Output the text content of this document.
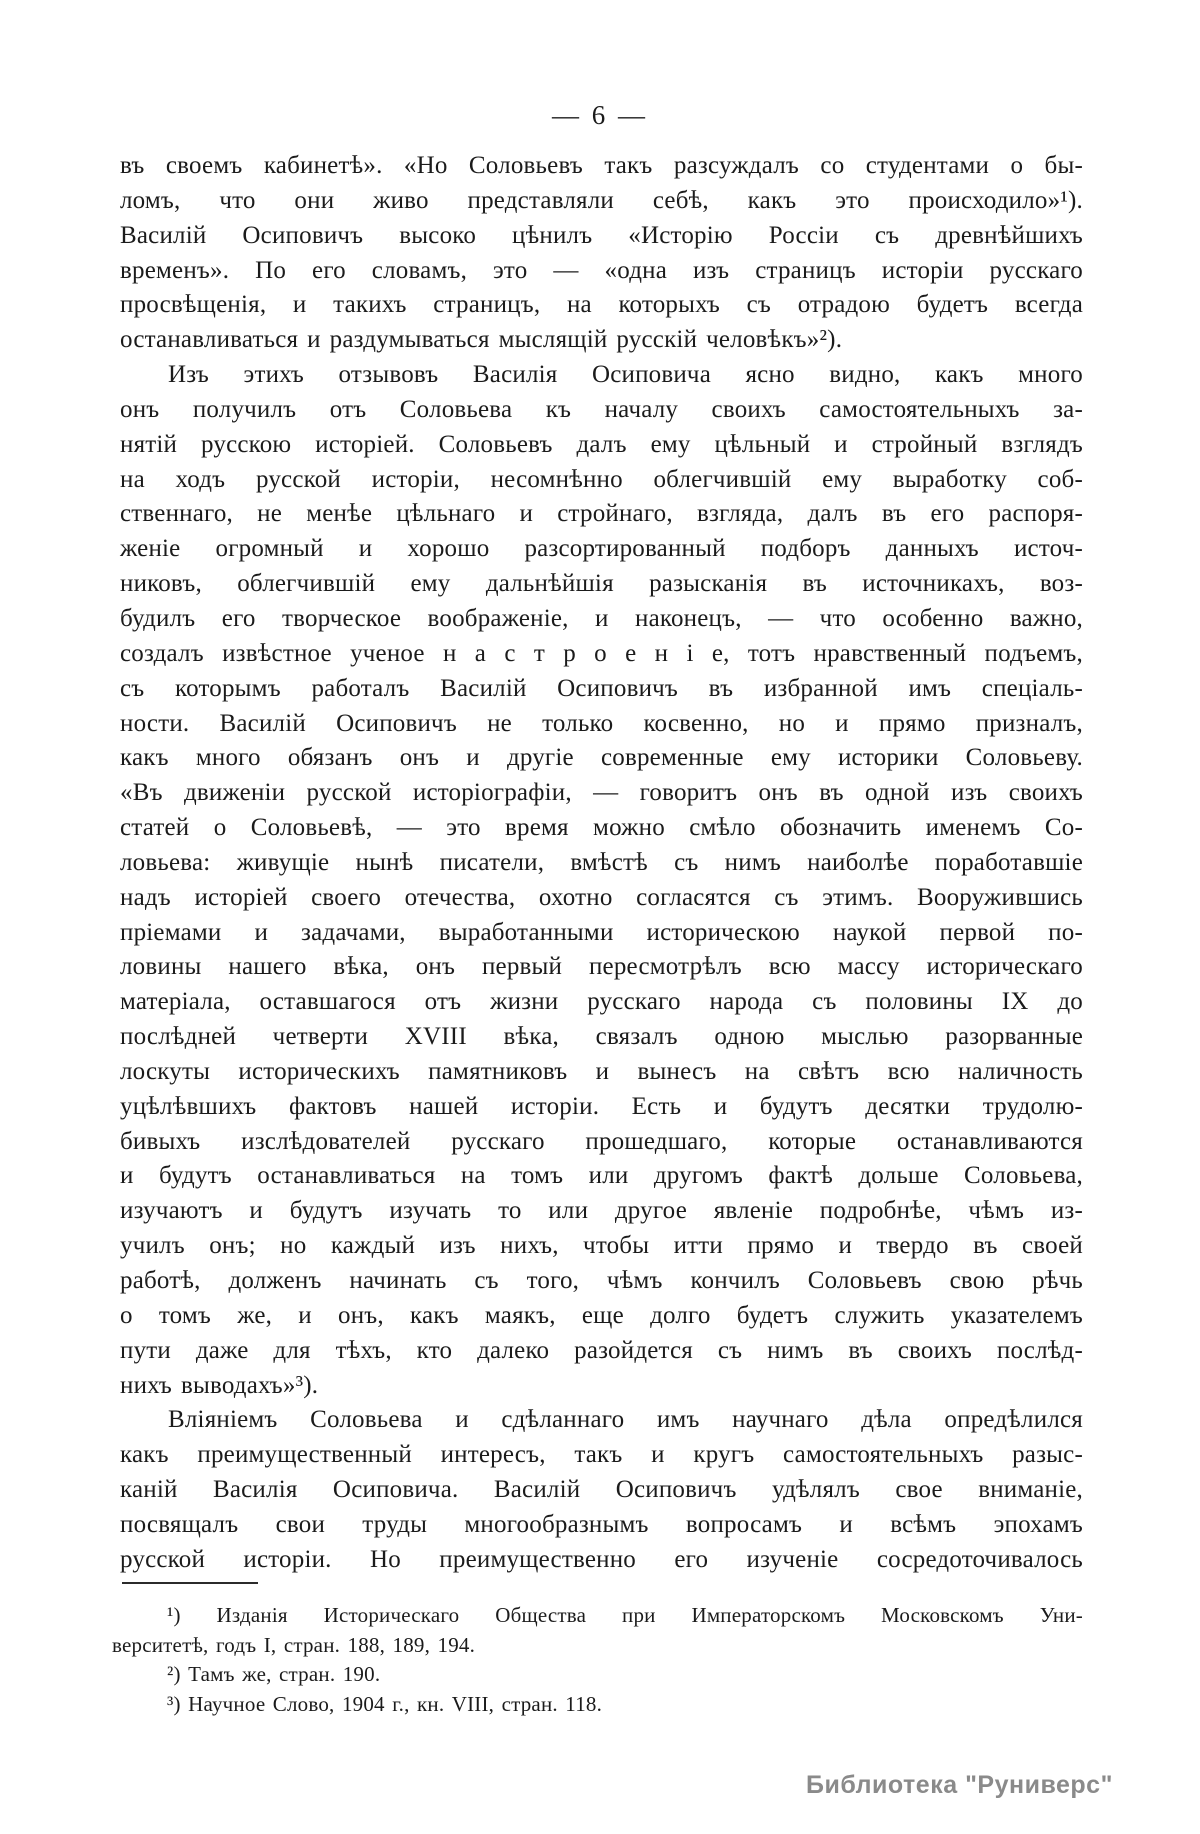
— 6 —
въ своемъ кабинетѣ». «Но Соловьевъ такъ разсуждалъ со студентами о бы-
ломъ, что они живо представляли себѣ, какъ это происходило»¹).
Василій Осиповичъ высоко цѣнилъ «Исторію Россіи съ древнѣйшихъ
временъ». По его словамъ, это — «одна изъ страницъ исторіи русскаго
просвѣщенія, и такихъ страницъ, на которыхъ съ отрадою будетъ всегда
останавливаться и раздумываться мыслящій русскій человѣкъ»²).
Изъ этихъ отзывовъ Василія Осиповича ясно видно, какъ много
онъ получилъ отъ Соловьева къ началу своихъ самостоятельныхъ за-
нятій русскою исторіей. Соловьевъ далъ ему цѣльный и стройный взглядъ
на ходъ русской исторіи, несомнѣнно облегчившій ему выработку соб-
ственнаго, не менѣе цѣльнаго и стройнаго, взгляда, далъ въ его распоря-
женіе огромный и хорошо разсортированный подборъ данныхъ источ-
никовъ, облегчившій ему дальнѣйшія разысканія въ источникахъ, воз-
будилъ его творческое воображеніе, и наконецъ, — что особенно важно,
создалъ извѣстное ученое н а с т р о е н і е, тотъ нравственный подъемъ,
съ которымъ работалъ Василій Осиповичъ въ избранной имъ спеціаль-
ности. Василій Осиповичъ не только косвенно, но и прямо призналъ,
какъ много обязанъ онъ и другіе современные ему историки Соловьеву.
«Въ движеніи русской исторіографіи, — говоритъ онъ въ одной изъ своихъ
статей о Соловьевѣ, — это время можно смѣло обозначить именемъ Со-
ловьева: живущіе нынѣ писатели, вмѣстѣ съ нимъ наиболѣе поработавшіе
надъ исторіей своего отечества, охотно согласятся съ этимъ. Вооружившись
пріемами и задачами, выработанными историческою наукой первой по-
ловины нашего вѣка, онъ первый пересмотрѣлъ всю массу историческаго
матеріала, оставшагося отъ жизни русскаго народа съ половины IX до
послѣдней четверти XVIII вѣка, связалъ одною мыслью разорванные
лоскуты историческихъ памятниковъ и вынесъ на свѣтъ всю наличность
уцѣлѣвшихъ фактовъ нашей исторіи. Есть и будутъ десятки трудолю-
бивыхъ изслѣдователей русскаго прошедшаго, которые останавливаются
и будутъ останавливаться на томъ или другомъ фактѣ дольше Соловьева,
изучаютъ и будутъ изучать то или другое явленіе подробнѣе, чѣмъ из-
училъ онъ; но каждый изъ нихъ, чтобы итти прямо и твердо въ своей
работѣ, долженъ начинать съ того, чѣмъ кончилъ Соловьевъ свою рѣчь
о томъ же, и онъ, какъ маякъ, еще долго будетъ служить указателемъ
пути даже для тѣхъ, кто далеко разойдется съ нимъ въ своихъ послѣд-
нихъ выводахъ»³).
Вліяніемъ Соловьева и сдѣланнаго имъ научнаго дѣла опредѣлился
какъ преимущественный интересъ, такъ и кругъ самостоятельныхъ разыс-
каній Василія Осиповича. Василій Осиповичъ удѣлялъ свое вниманіе,
посвящалъ свои труды многообразнымъ вопросамъ и всѣмъ эпохамъ
русской исторіи. Но преимущественно его изученіе сосредоточивалось
¹) Изданія Историческаго Общества при Императорскомъ Московскомъ Уни-
верситетѣ, годъ I, стран. 188, 189, 194.
²) Тамъ же, стран. 190.
³) Научное Слово, 1904 г., кн. VIII, стран. 118.
Библиотека "Руниверс"
